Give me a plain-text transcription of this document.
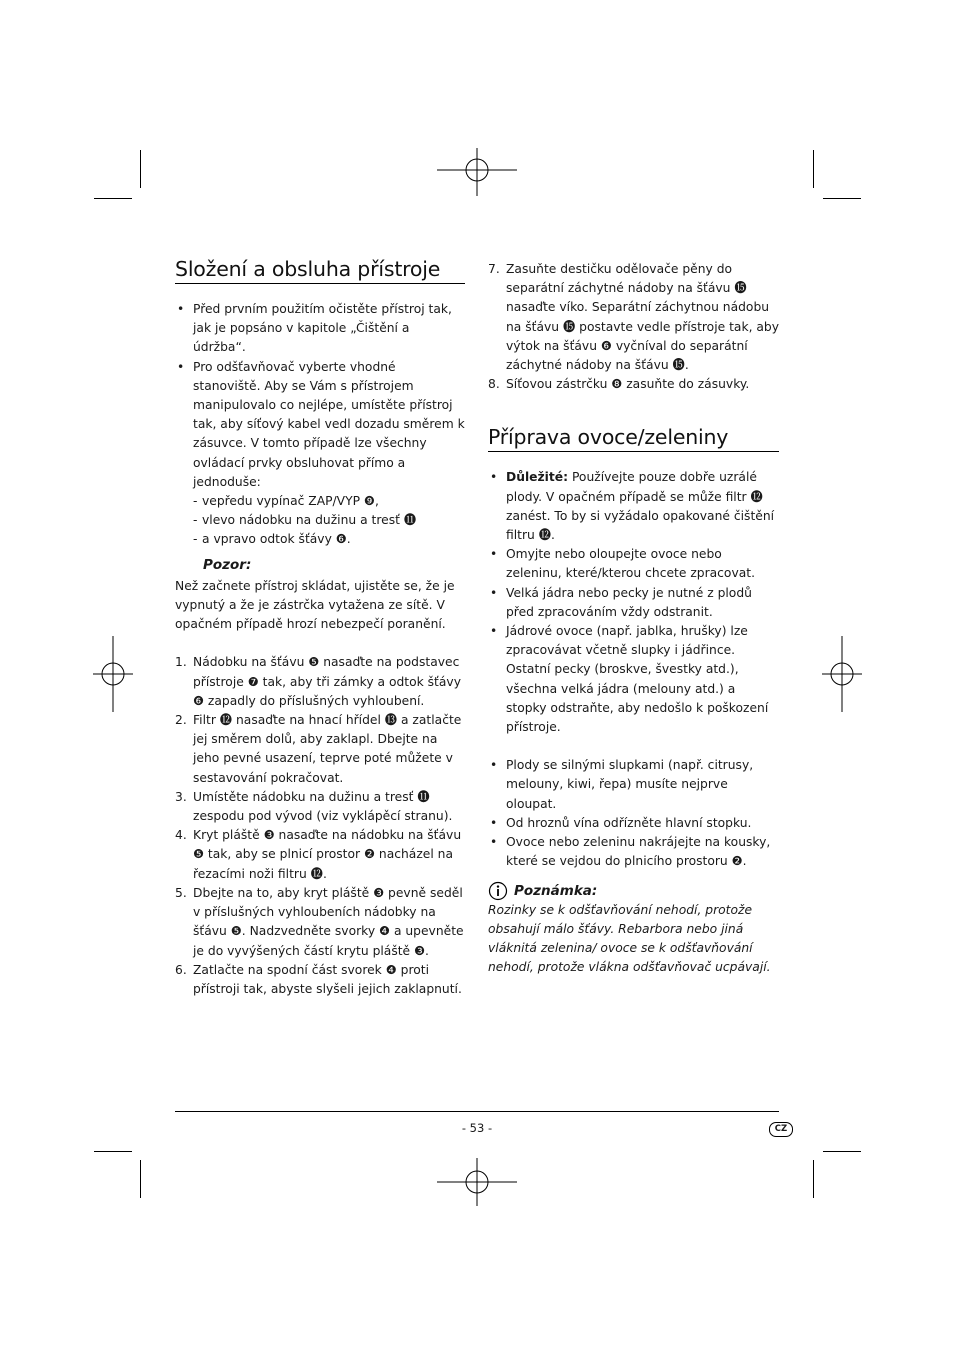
Složení a obsluha přístroje
• Před prvním použitím očistěte přístroj tak, jak je popsáno v kapitole „Čištění a údržba“.
• Pro odšťavňovač vyberte vhodné stanoviště. Aby se Vám s přístrojem manipulovalo co nejlépe, umístěte přístroj tak, aby síťový kabel vedl dozadu směrem k zásuvce. V tomto případě lze všechny ovládací prvky obsluhovat přímo a jednoduše:
- vepředu vypínač ZAP/VYP ❾,
- vlevo nádobku na dužinu a tresť ⓫
- a vpravo odtok šťávy ❻.
Pozor:
Než začnete přístroj skládat, ujistěte se, že je vypnutý a že je zástrčka vytažena ze sítě. V opačném případě hrozí nebezpečí poranění.
1. Nádobku na šťávu ❺ nasaďte na podstavec přístroje ❼ tak, aby tři zámky a odtok šťávy ❻ zapadly do příslušných vyhloubení.
2. Filtr ⓬ nasaďte na hnací hřídel ⓭ a zatlačte jej směrem dolů, aby zaklapl. Dbejte na jeho pevné usazení, teprve poté můžete v sestavování pokračovat.
3. Umístěte nádobku na dužinu a tresť ⓫ zespodu pod vývod (viz vyklápěcí stranu).
4. Kryt pláště ❸ nasaďte na nádobku na šťávu ❺ tak, aby se plnicí prostor ❷ nacházel na řezacími noži filtru ⓬.
5. Dbejte na to, aby kryt pláště ❸ pevně seděl v příslušných vyhloubeních nádobky na šťávu ❺. Nadzvedněte svorky ❹ a upevněte je do vyvýšených částí krytu pláště ❸.
6. Zatlačte na spodní část svorek ❹ proti přístroji tak, abyste slyšeli jejich zaklapnutí.
7. Zasuňte destičku odělovače pěny do separátní záchytné nádoby na šťávu ⓯ nasaďte víko. Separátní záchytnou nádobu na šťávu ⓯ postavte vedle přístroje tak, aby výtok na šťávu ❻ vyčníval do separátní záchytné nádoby na šťávu ⓯.
8. Síťovou zástrčku ❽ zasuňte do zásuvky.
Příprava ovoce/zeleniny
• Důležité: Používejte pouze dobře uzrálé plody. V opačném případě se může filtr ⓬ zanést. To by si vyžádalo opakované čištění filtru ⓬.
• Omyjte nebo oloupejte ovoce nebo zeleninu, které/kterou chcete zpracovat.
• Velká jádra nebo pecky je nutné z plodů před zpracováním vždy odstranit.
• Jádrové ovoce (např. jablka, hrušky) lze zpracovávat včetně slupky i jádřince. Ostatní pecky (broskve, švestky atd.), všechna velká jádra (melouny atd.) a stopky odstraňte, aby nedošlo k poškození přístroje.
• Plody se silnými slupkami (např. citrusy, melouny, kiwi, řepa) musíte nejprve oloupat.
• Od hroznů vína odřízněte hlavní stopku.
• Ovoce nebo zeleninu nakrájejte na kousky, které se vejdou do plnicího prostoru ❷.
Poznámka:
Rozinky se k odšťavňování nehodí, protože obsahují málo šťávy. Rebarbora nebo jiná vláknitá zelenina/ ovoce se k odšťavňování nehodí, protože vlákna odšťavňovač ucpávají.
- 53 -	CZ
